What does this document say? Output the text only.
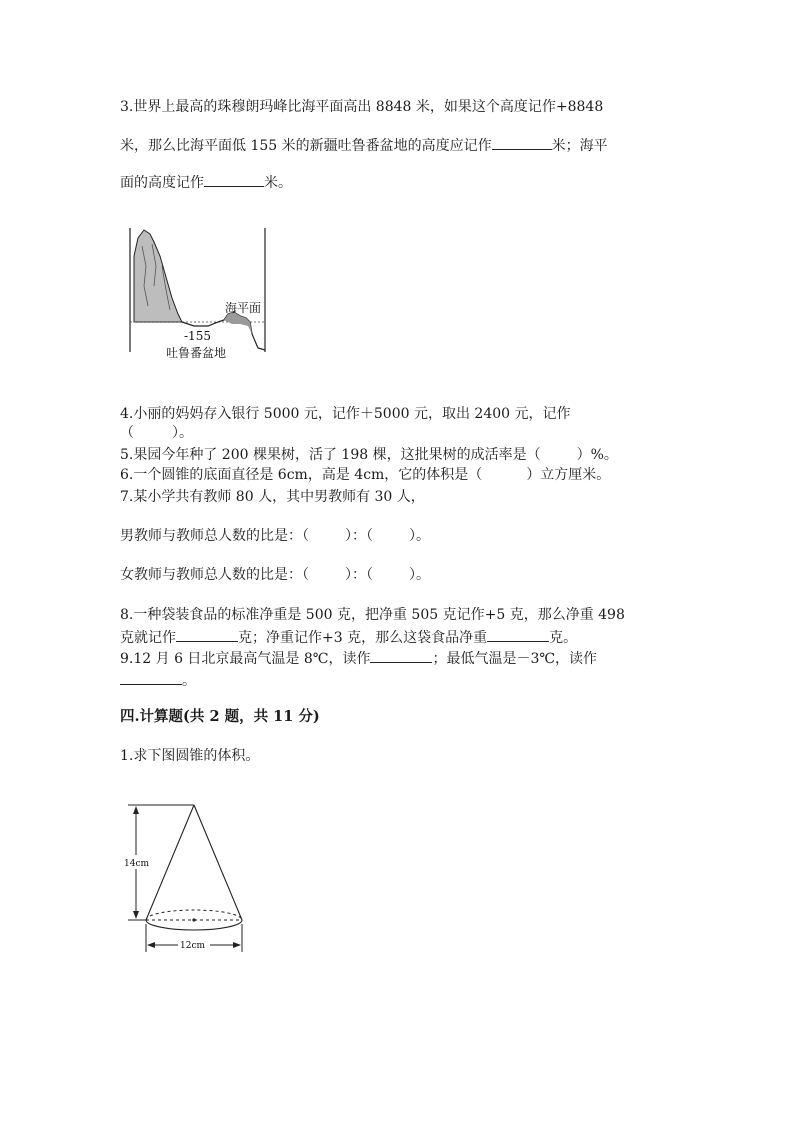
3.世界上最高的珠穆朗玛峰比海平面高出 8848 米，如果这个高度记作+8848
米，那么比海平面低 155 米的新疆吐鲁番盆地的高度应记作	米；海平
面的高度记作	米。
海平面
-155
吐鲁番盆地
4.小丽的妈妈存入银行 5000 元，记作＋5000 元，取出 2400 元，记作
（	）。
5.果园今年种了 200 棵果树，活了 198 棵，这批果树的成活率是（	）%。
6.一个圆锥的底面直径是 6cm，高是 4cm，它的体积是（	）立方厘米。
7.某小学共有教师 80 人，其中男教师有 30 人，
男教师与教师总人数的比是：（	）：（	）。
女教师与教师总人数的比是：（	）：（	）。
8.一种袋装食品的标准净重是 500 克，把净重 505 克记作+5 克，那么净重 498
克就记作	克；净重记作+3 克，那么这袋食品净重	克。
9.12 月 6 日北京最高气温是 8℃，读作	；最低气温是－3℃，读作
。
四.计算题(共 2 题，共 11 分)
1.求下图圆锥的体积。
14cm
12cm
